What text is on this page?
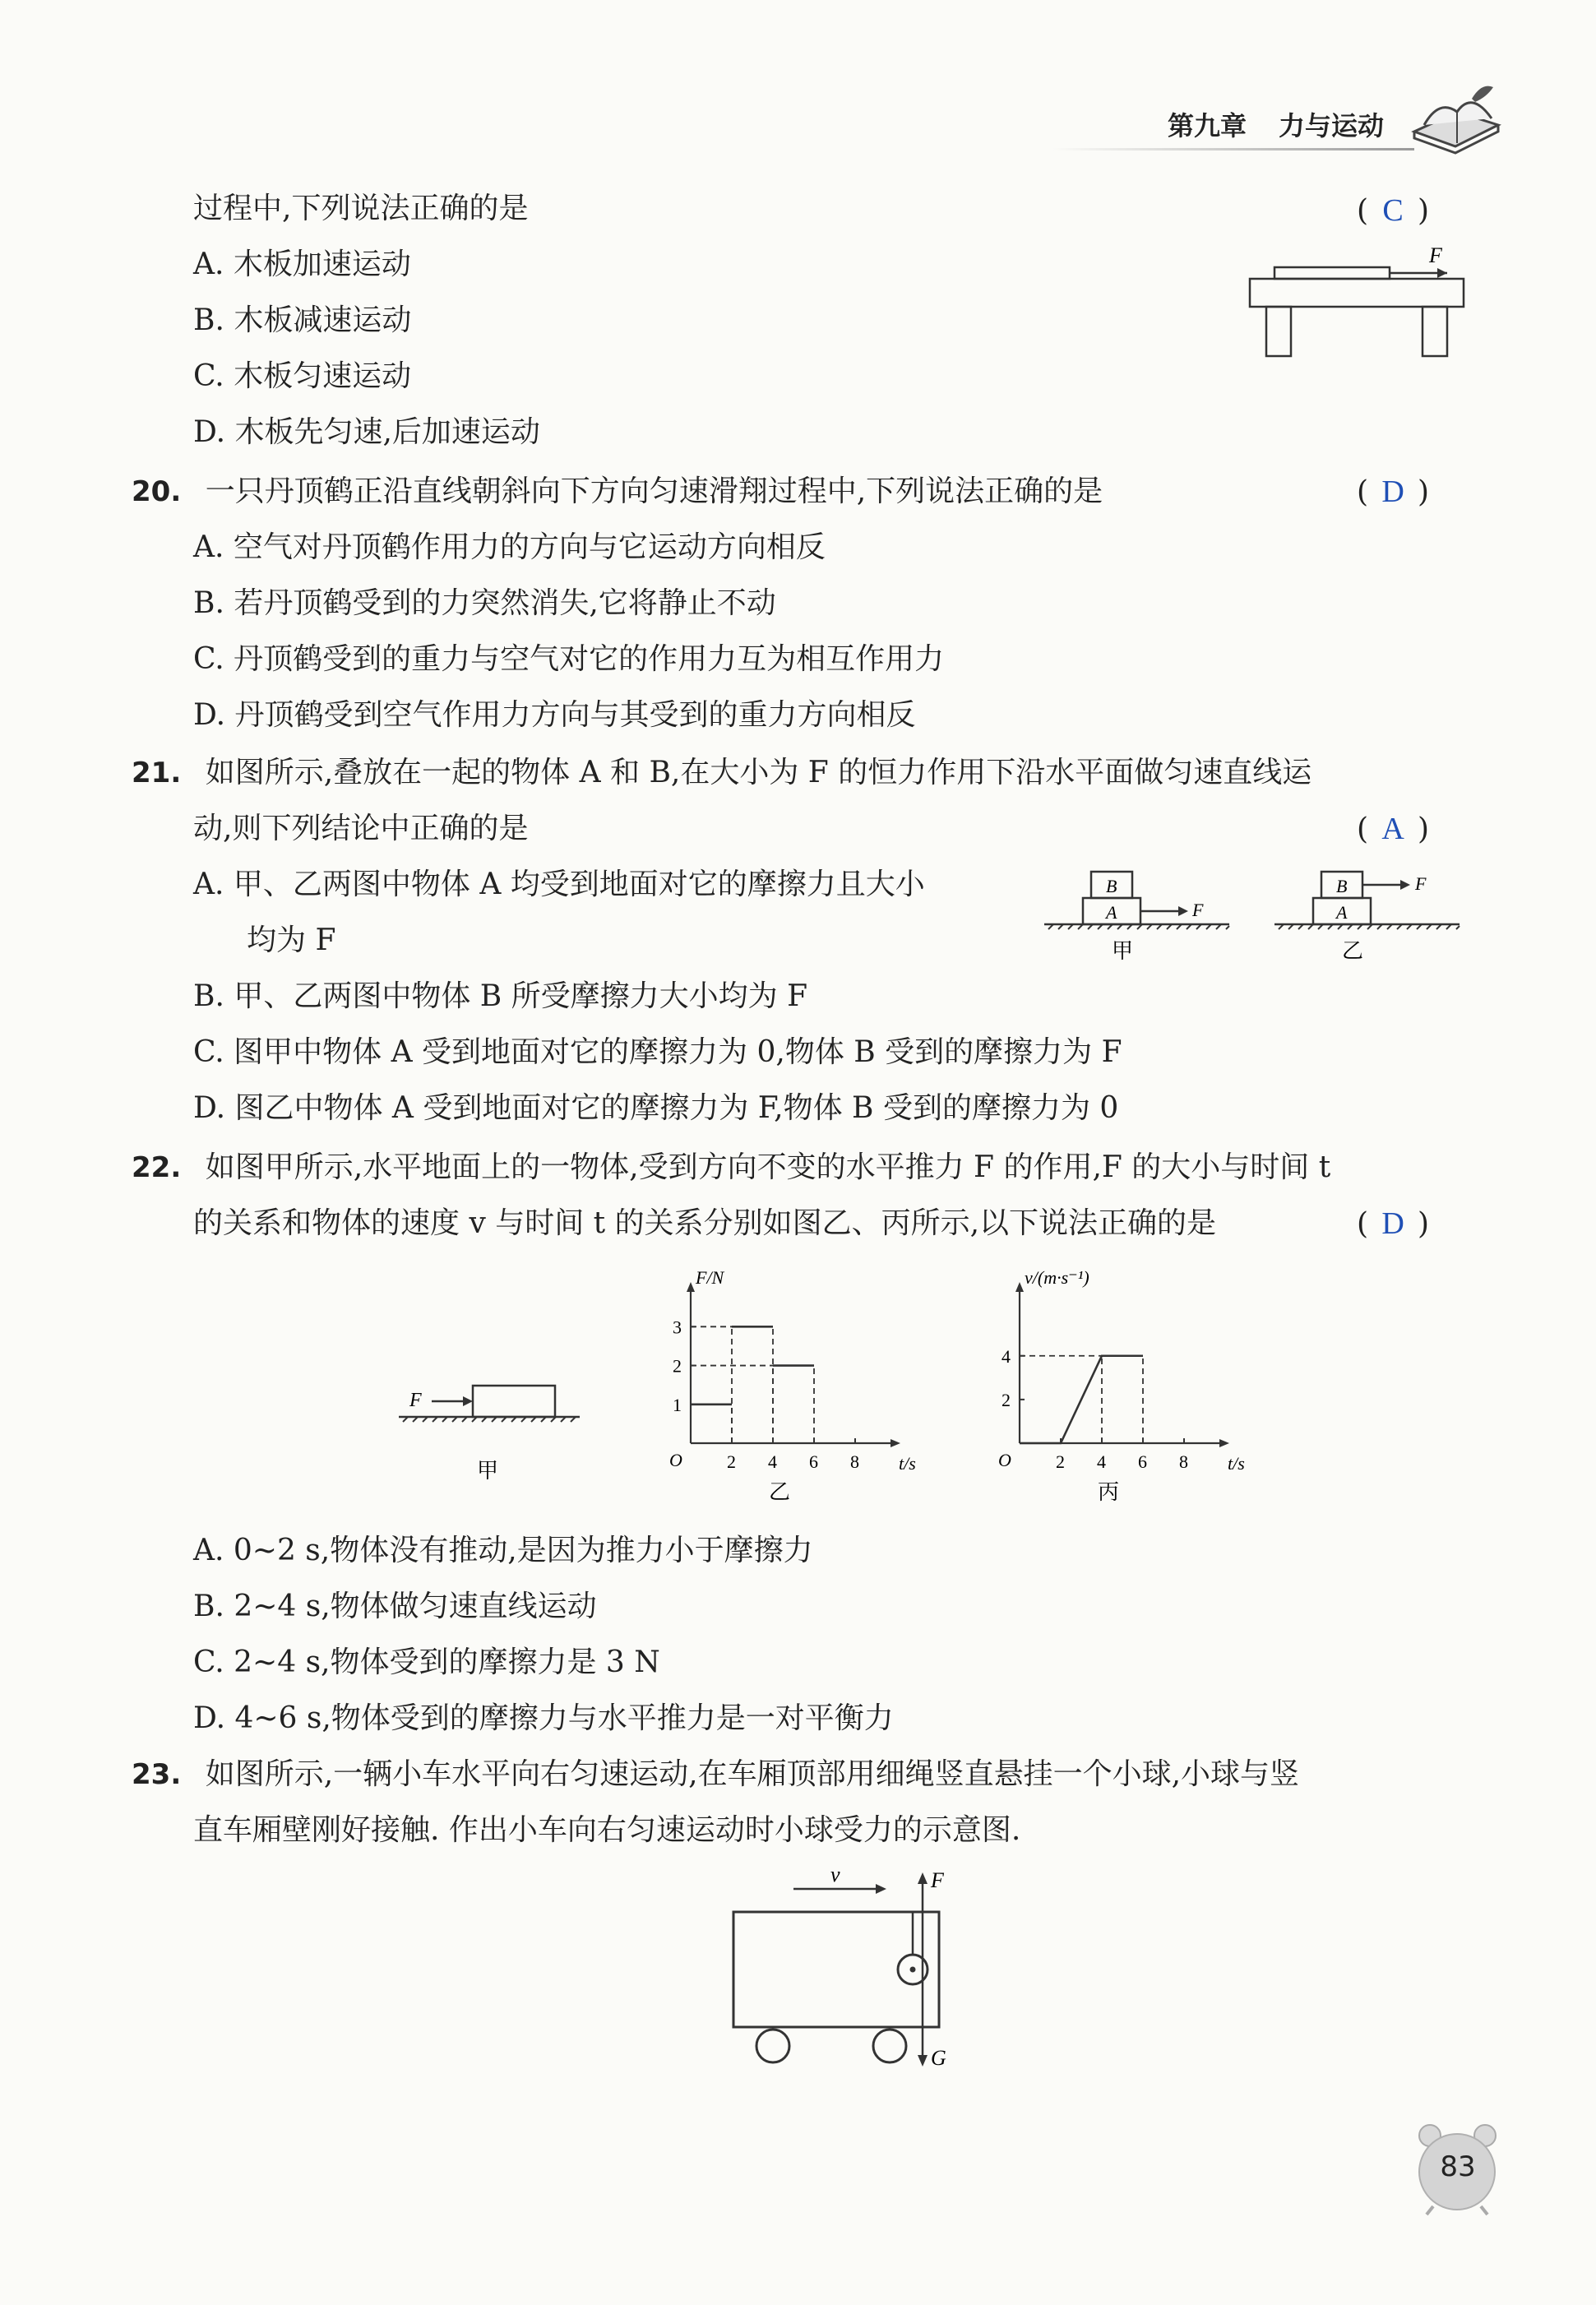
第九章 力与运动
过程中,下列说法正确的是	( C )
A. 木板加速运动
B. 木板减速运动
C. 木板匀速运动
D. 木板先匀速,后加速运动
F
20. 一只丹顶鹤正沿直线朝斜向下方向匀速滑翔过程中,下列说法正确的是	( D )
A. 空气对丹顶鹤作用力的方向与它运动方向相反
B. 若丹顶鹤受到的力突然消失,它将静止不动
C. 丹顶鹤受到的重力与空气对它的作用力互为相互作用力
D. 丹顶鹤受到空气作用力方向与其受到的重力方向相反
21. 如图所示,叠放在一起的物体 A 和 B,在大小为 F 的恒力作用下沿水平面做匀速直线运
动,则下列结论中正确的是	( A )
A. 甲、乙两图中物体 A 均受到地面对它的摩擦力且大小
均为 F
B. 甲、乙两图中物体 B 所受摩擦力大小均为 F
C. 图甲中物体 A 受到地面对它的摩擦力为 0,物体 B 受到的摩擦力为 F
D. 图乙中物体 A 受到地面对它的摩擦力为 F,物体 B 受到的摩擦力为 0
B
A	F
甲
B
A
F
乙
22. 如图甲所示,水平地面上的一物体,受到方向不变的水平推力 F 的作用,F 的大小与时间 t
的关系和物体的速度 v 与时间 t 的关系分别如图乙、丙所示,以下说法正确的是	( D )
F
甲
F/N
t/s
O 2 4 6 8
1
2
3
乙
v/(m·s⁻¹)
t/s
O 2 4 6 8
2
4
丙
A. 0~2 s,物体没有推动,是因为推力小于摩擦力
B. 2~4 s,物体做匀速直线运动
C. 2~4 s,物体受到的摩擦力是 3 N
D. 4~6 s,物体受到的摩擦力与水平推力是一对平衡力
23. 如图所示,一辆小车水平向右匀速运动,在车厢顶部用细绳竖直悬挂一个小球,小球与竖
直车厢壁刚好接触. 作出小车向右匀速运动时小球受力的示意图.
v	F
G
83
